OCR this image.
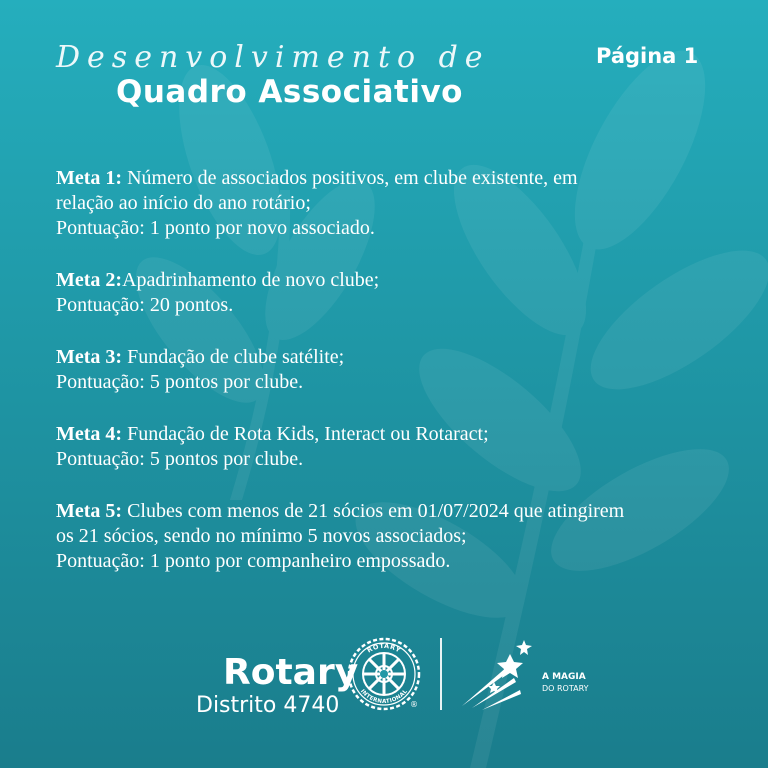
Desenvolvimento de
Quadro Associativo
Página 1
Meta 1: Número de associados positivos, em clube existente, em
relação ao início do ano rotário;
Pontuação: 1 ponto por novo associado.
Meta 2:Apadrinhamento de novo clube;
Pontuação: 20 pontos.
Meta 3: Fundação de clube satélite;
Pontuação: 5 pontos por clube.
Meta 4: Fundação de Rota Kids, Interact ou Rotaract;
Pontuação: 5 pontos por clube.
Meta 5: Clubes com menos de 21 sócios em 01/07/2024 que atingirem
os 21 sócios, sendo no mínimo 5 novos associados;
Pontuação: 1 ponto por companheiro empossado.
Rotary
Distrito 4740
ROTARY
INTERNATIONAL
®
A MAGIA
DO ROTARY
